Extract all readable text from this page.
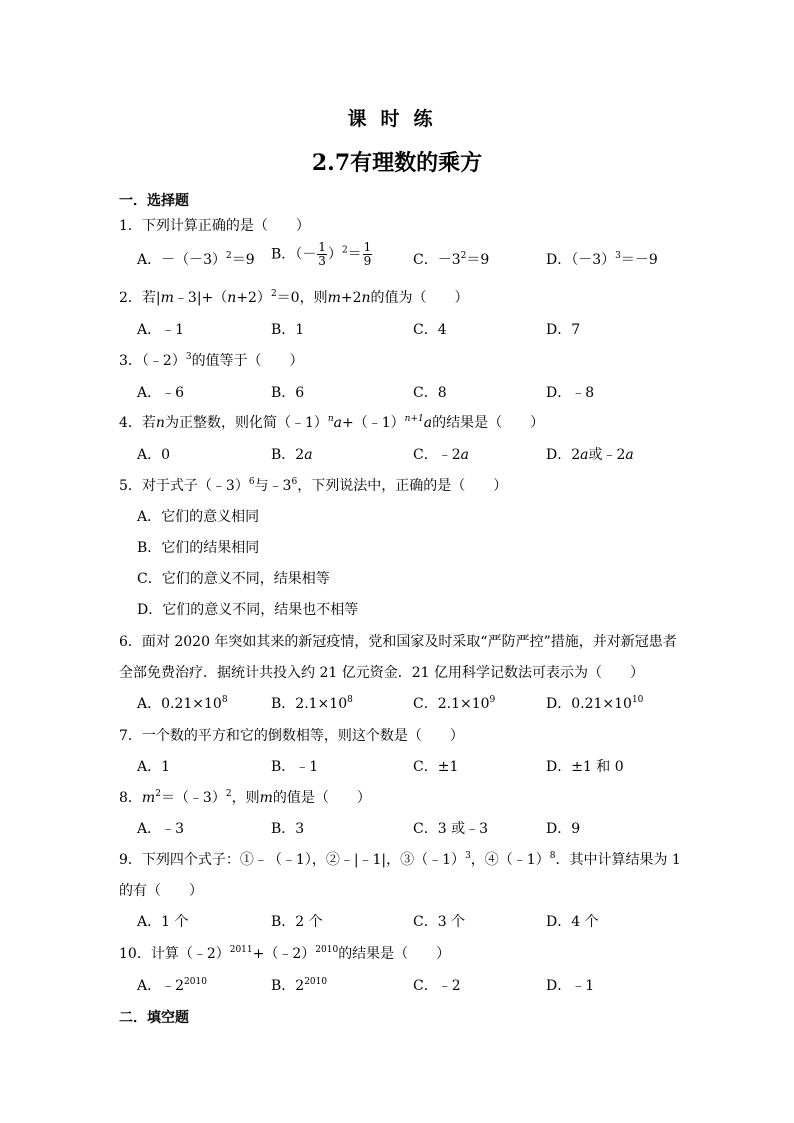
课时练
2.7有理数的乘方
一．选择题
1．下列计算正确的是（　　）
A．$-(-3)^2=9$ B．（－ $\frac{1}{3} )^2= \frac{1}{9}$	C．$-3^2=9$	D．$(-3)^3=-9$
2．若$|m﹣3|+(n+2)^2=0$，则m+2n的值为（　　）
A．﹣1	B．1	C．4	D．7
3．（﹣2）$^3$的值等于（　　）
A．﹣6	B．6	C．8	D．﹣8
4．若n为正整数，则化简（﹣1）$^n$a+（﹣1）$^{n+1}$a的结果是（　　）
A．0	B．2a	C．﹣2a	D．2a或﹣2a
5．对于式子（﹣3）$^6$与$﹣3^6$，下列说法中，正确的是（　　）
A．它们的意义相同
B．它们的结果相同
C．它们的意义不同，结果相等
D．它们的意义不同，结果也不相等
6．面对 2020 年突如其来的新冠疫情，党和国家及时采取“严防严控”措施，并对新冠患者
全部免费治疗．据统计共投入约 21 亿元资金．21 亿用科学记数法可表示为（　　）
A．$0.21\times 10^8$	B．$2.1\times 10^8$	C．$2.1\times 10^9$	D．$0.21\times 10^{10}$
7．一个数的平方和它的倒数相等，则这个数是（　　）
A．1	B．﹣1	C．±1	D．±1 和 0
8．$m^2=(﹣3)^2$，则m的值是（　　）
A．﹣3	B．3	C．3 或﹣3	D．9
9．下列四个式子：①﹣（﹣1），②﹣|﹣1|，③（﹣1）$^3$，④（﹣1）$^8$．其中计算结果为 1
的有（　　）
A．1 个	B．2 个	C．3 个	D．4 个
10．计算（﹣2）$^{2011}$+（﹣2）$^{2010}$的结果是（　　）
A．$﹣2^{2010}$	B．$2^{2010}$	C．﹣2	D．﹣1
二．填空题
